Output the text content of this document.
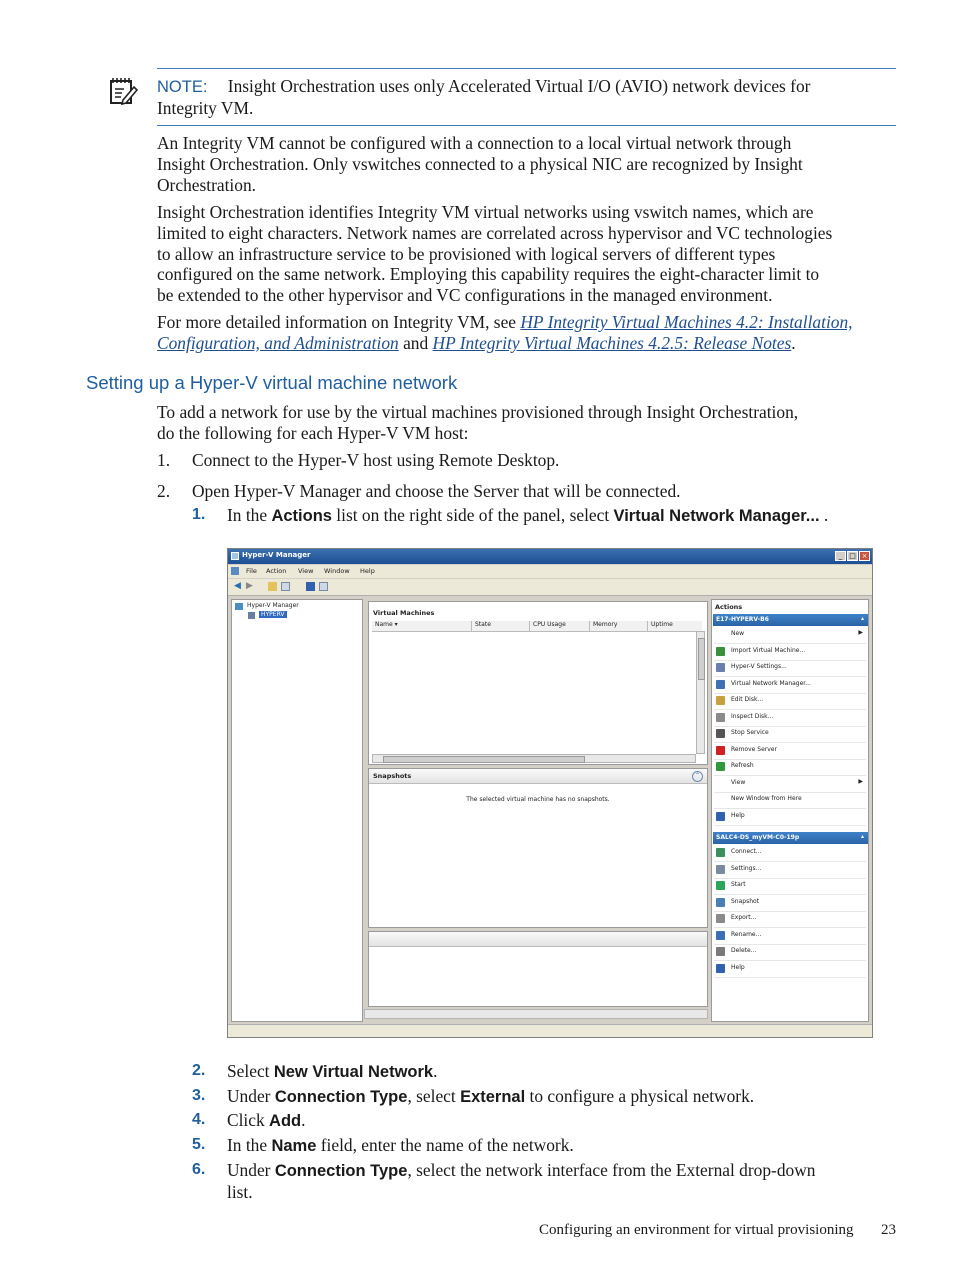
NOTE: Insight Orchestration uses only Accelerated Virtual I/O (AVIO) network devices for
Integrity VM.
An Integrity VM cannot be configured with a connection to a local virtual network through
Insight Orchestration. Only vswitches connected to a physical NIC are recognized by Insight
Orchestration.
Insight Orchestration identifies Integrity VM virtual networks using vswitch names, which are
limited to eight characters. Network names are correlated across hypervisor and VC technologies
to allow an infrastructure service to be provisioned with logical servers of different types
configured on the same network. Employing this capability requires the eight-character limit to
be extended to the other hypervisor and VC configurations in the managed environment.
For more detailed information on Integrity VM, see HP Integrity Virtual Machines 4.2: Installation,
Configuration, and Administration and HP Integrity Virtual Machines 4.2.5: Release Notes.
Setting up a Hyper-V virtual machine network
To add a network for use by the virtual machines provisioned through Insight Orchestration,
do the following for each Hyper-V VM host:
1.	Connect to the Hyper-V host using Remote Desktop.
2.	Open Hyper-V Manager and choose the Server that will be connected.
1. In the Actions list on the right side of the panel, select Virtual Network Manager... .
Hyper-V Manager	_ □ ×
File Action View Window Help
◀ ▶
Hyper-V Manager
HYPERV	Virtual Machines
Name ▾	State	CPU Usage	Memory	Uptime
Snapshots	⌃
The selected virtual machine has no snapshots.
Actions
E17-HYPERV-B6	▴
New	▶
Import Virtual Machine...
Hyper-V Settings...
Virtual Network Manager...
Edit Disk...
Inspect Disk...
Stop Service
Remove Server
Refresh
View	▶
New Window from Here
Help
SALC4-DS_myVM-C0-19p	▴
Connect...
Settings...
Start
Snapshot
Export...
Rename...
Delete...
Help
2. Select New Virtual Network.
3. Under Connection Type, select External to configure a physical network.
4. Click Add.
5. In the Name field, enter the name of the network.
6. Under Connection Type, select the network interface from the External drop-down
list.
Configuring an environment for virtual provisioning 23
